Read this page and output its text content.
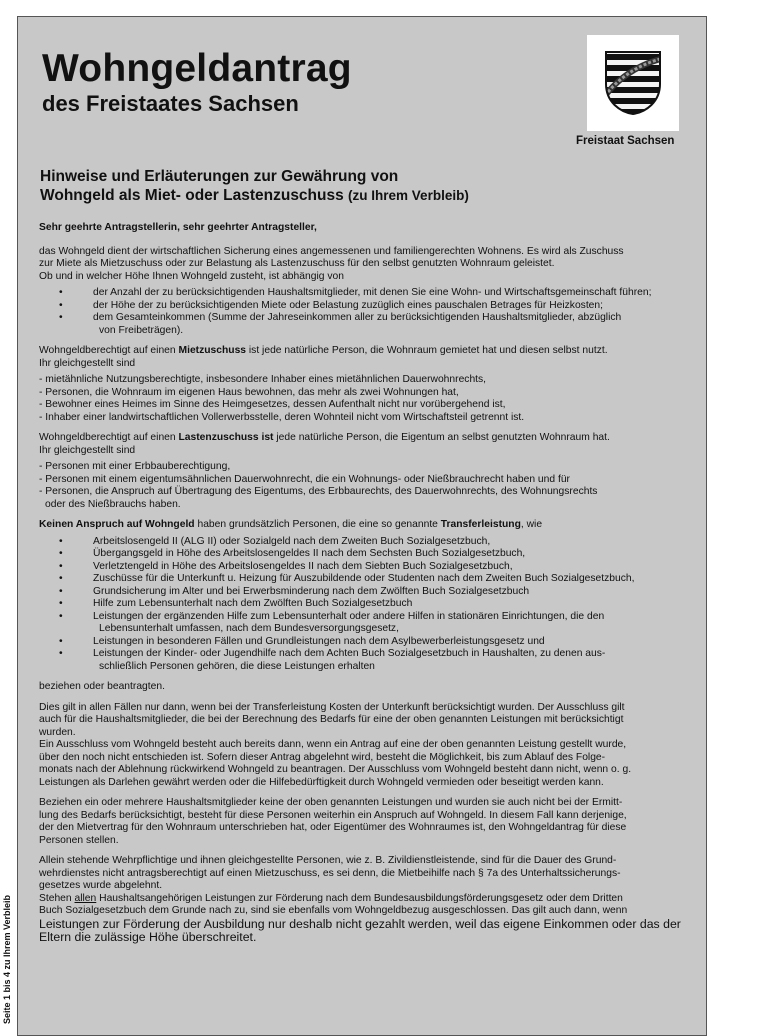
Wohngeldantrag
des Freistaates Sachsen
Freistaat Sachsen
Hinweise und Erläuterungen zur Gewährung von
Wohngeld als Miet- oder Lastenzuschuss (zu Ihrem Verbleib)

Sehr geehrte Antragstellerin, sehr geehrter Antragsteller,

das Wohngeld dient der wirtschaftlichen Sicherung eines angemessenen und familiengerechten Wohnens. Es wird als Zuschuss

zur Miete als Mietzuschuss oder zur Belastung als Lastenzuschuss für den selbst genutzten Wohnraum geleistet.

Ob und in welcher Höhe Ihnen Wohngeld zusteht, ist abhängig von

• der Anzahl der zu berücksichtigenden Haushaltsmitglieder, mit denen Sie eine Wohn- und Wirtschaftsgemeinschaft führen;
• der Höhe der zu berücksichtigenden Miete oder Belastung zuzüglich eines pauschalen Betrages für Heizkosten;
• dem Gesamteinkommen (Summe der Jahreseinkommen aller zu berücksichtigenden Haushaltsmitglieder, abzüglich
von Freibeträgen).

Wohngeldberechtigt auf einen Mietzuschuss ist jede natürliche Person, die Wohnraum gemietet hat und diesen selbst nutzt.

Ihr gleichgestellt sind

- mietähnliche Nutzungsberechtigte, insbesondere Inhaber eines mietähnlichen Dauerwohnrechts,

- Personen, die Wohnraum im eigenen Haus bewohnen, das mehr als zwei Wohnungen hat,

- Bewohner eines Heimes im Sinne des Heimgesetzes, dessen Aufenthalt nicht nur vorübergehend ist,

- Inhaber einer landwirtschaftlichen Vollerwerbsstelle, deren Wohnteil nicht vom Wirtschaftsteil getrennt ist.

Wohngeldberechtigt auf einen Lastenzuschuss ist jede natürliche Person, die Eigentum an selbst genutzten Wohnraum hat.

Ihr gleichgestellt sind

- Personen mit einer Erbbauberechtigung,

- Personen mit einem eigentumsähnlichen Dauerwohnrecht, die ein Wohnungs- oder Nießbrauchrecht haben und für

- Personen, die Anspruch auf Übertragung des Eigentums, des Erbbaurechts, des Dauerwohnrechts, des Wohnungsrechts

oder des Nießbrauchs haben.

Keinen Anspruch auf Wohngeld haben grundsätzlich Personen, die eine so genannte Transferleistung, wie

• Arbeitslosengeld II (ALG II) oder Sozialgeld nach dem Zweiten Buch Sozialgesetzbuch,
• Übergangsgeld in Höhe des Arbeitslosengeldes II nach dem Sechsten Buch Sozialgesetzbuch,
• Verletztengeld in Höhe des Arbeitslosengeldes II nach dem Siebten Buch Sozialgesetzbuch,
• Zuschüsse für die Unterkunft u. Heizung für Auszubildende oder Studenten nach dem Zweiten Buch Sozialgesetzbuch,
• Grundsicherung im Alter und bei Erwerbsminderung nach dem Zwölften Buch Sozialgesetzbuch
• Hilfe zum Lebensunterhalt nach dem Zwölften Buch Sozialgesetzbuch
• Leistungen der ergänzenden Hilfe zum Lebensunterhalt oder andere Hilfen in stationären Einrichtungen, die den
Lebensunterhalt umfassen, nach dem Bundesversorgungsgesetz,
• Leistungen in besonderen Fällen und Grundleistungen nach dem Asylbewerberleistungsgesetz und
• Leistungen der Kinder- oder Jugendhilfe nach dem Achten Buch Sozialgesetzbuch in Haushalten, zu denen aus-
schließlich Personen gehören, die diese Leistungen erhalten

beziehen oder beantragten.

Dies gilt in allen Fällen nur dann, wenn bei der Transferleistung Kosten der Unterkunft berücksichtigt wurden. Der Ausschluss gilt

auch für die Haushaltsmitglieder, die bei der Berechnung des Bedarfs für eine der oben genannten Leistungen mit berücksichtigt

wurden.

Ein Ausschluss vom Wohngeld besteht auch bereits dann, wenn ein Antrag auf eine der oben genannten Leistung gestellt wurde,

über den noch nicht entschieden ist. Sofern dieser Antrag abgelehnt wird, besteht die Möglichkeit, bis zum Ablauf des Folge-

monats nach der Ablehnung rückwirkend Wohngeld zu beantragen. Der Ausschluss vom Wohngeld besteht dann nicht, wenn o. g.

Leistungen als Darlehen gewährt werden oder die Hilfebedürftigkeit durch Wohngeld vermieden oder beseitigt werden kann.

Beziehen ein oder mehrere Haushaltsmitglieder keine der oben genannten Leistungen und wurden sie auch nicht bei der Ermitt-

lung des Bedarfs berücksichtigt, besteht für diese Personen weiterhin ein Anspruch auf Wohngeld. In diesem Fall kann derjenige,

der den Mietvertrag für den Wohnraum unterschrieben hat, oder Eigentümer des Wohnraumes ist, den Wohngeldantrag für diese

Personen stellen.

Allein stehende Wehrpflichtige und ihnen gleichgestellte Personen, wie z. B. Zivildienstleistende, sind für die Dauer des Grund-

wehrdienstes nicht antragsberechtigt auf einen Mietzuschuss, es sei denn, die Mietbeihilfe nach § 7a des Unterhaltssicherungs-

gesetzes wurde abgelehnt.

Stehen allen Haushaltsangehörigen Leistungen zur Förderung nach dem Bundesausbildungsförderungsgesetz oder dem Dritten

Buch Sozialgesetzbuch dem Grunde nach zu, sind sie ebenfalls vom Wohngeldbezug ausgeschlossen. Das gilt auch dann, wenn

Leistungen zur Förderung der Ausbildung nur deshalb nicht gezahlt werden, weil das eigene Einkommen oder das der

Eltern die zulässige Höhe überschreitet.

Seite 1 bis 4 zu Ihrem Verbleib
